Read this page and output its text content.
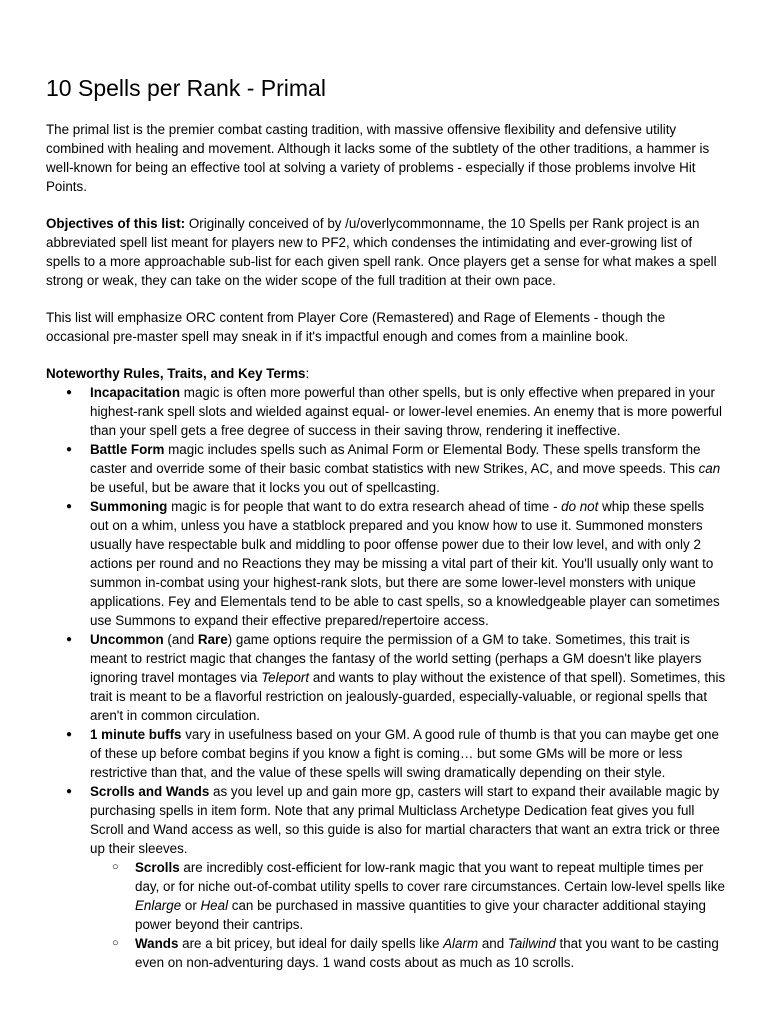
10 Spells per Rank - Primal

The primal list is the premier combat casting tradition, with massive offensive flexibility and defensive utility combined with healing and movement. Although it lacks some of the subtlety of the other traditions, a hammer is well-known for being an effective tool at solving a variety of problems - especially if those problems involve Hit Points.

Objectives of this list: Originally conceived of by /u/overlycommonname, the 10 Spells per Rank project is an abbreviated spell list meant for players new to PF2, which condenses the intimidating and ever-growing list of spells to a more approachable sub-list for each given spell rank. Once players get a sense for what makes a spell strong or weak, they can take on the wider scope of the full tradition at their own pace.

This list will emphasize ORC content from Player Core (Remastered) and Rage of Elements - though the occasional pre-master spell may sneak in if it's impactful enough and comes from a mainline book.

Noteworthy Rules, Traits, and Key Terms:
● Incapacitation magic is often more powerful than other spells, but is only effective when prepared in your highest-rank spell slots and wielded against equal- or lower-level enemies. An enemy that is more powerful than your spell gets a free degree of success in their saving throw, rendering it ineffective.
● Battle Form magic includes spells such as Animal Form or Elemental Body. These spells transform the caster and override some of their basic combat statistics with new Strikes, AC, and move speeds. This can be useful, but be aware that it locks you out of spellcasting.
● Summoning magic is for people that want to do extra research ahead of time - do not whip these spells out on a whim, unless you have a statblock prepared and you know how to use it. Summoned monsters usually have respectable bulk and middling to poor offense power due to their low level, and with only 2 actions per round and no Reactions they may be missing a vital part of their kit. You'll usually only want to summon in-combat using your highest-rank slots, but there are some lower-level monsters with unique applications. Fey and Elementals tend to be able to cast spells, so a knowledgeable player can sometimes use Summons to expand their effective prepared/repertoire access.
● Uncommon (and Rare) game options require the permission of a GM to take. Sometimes, this trait is meant to restrict magic that changes the fantasy of the world setting (perhaps a GM doesn't like players ignoring travel montages via Teleport and wants to play without the existence of that spell). Sometimes, this trait is meant to be a flavorful restriction on jealously-guarded, especially-valuable, or regional spells that aren't in common circulation.
● 1 minute buffs vary in usefulness based on your GM. A good rule of thumb is that you can maybe get one of these up before combat begins if you know a fight is coming… but some GMs will be more or less restrictive than that, and the value of these spells will swing dramatically depending on their style.
● Scrolls and Wands as you level up and gain more gp, casters will start to expand their available magic by purchasing spells in item form. Note that any primal Multiclass Archetype Dedication feat gives you full Scroll and Wand access as well, so this guide is also for martial characters that want an extra trick or three up their sleeves.
○ Scrolls are incredibly cost-efficient for low-rank magic that you want to repeat multiple times per day, or for niche out-of-combat utility spells to cover rare circumstances. Certain low-level spells like Enlarge or Heal can be purchased in massive quantities to give your character additional staying power beyond their cantrips.
○ Wands are a bit pricey, but ideal for daily spells like Alarm and Tailwind that you want to be casting even on non-adventuring days. 1 wand costs about as much as 10 scrolls.
